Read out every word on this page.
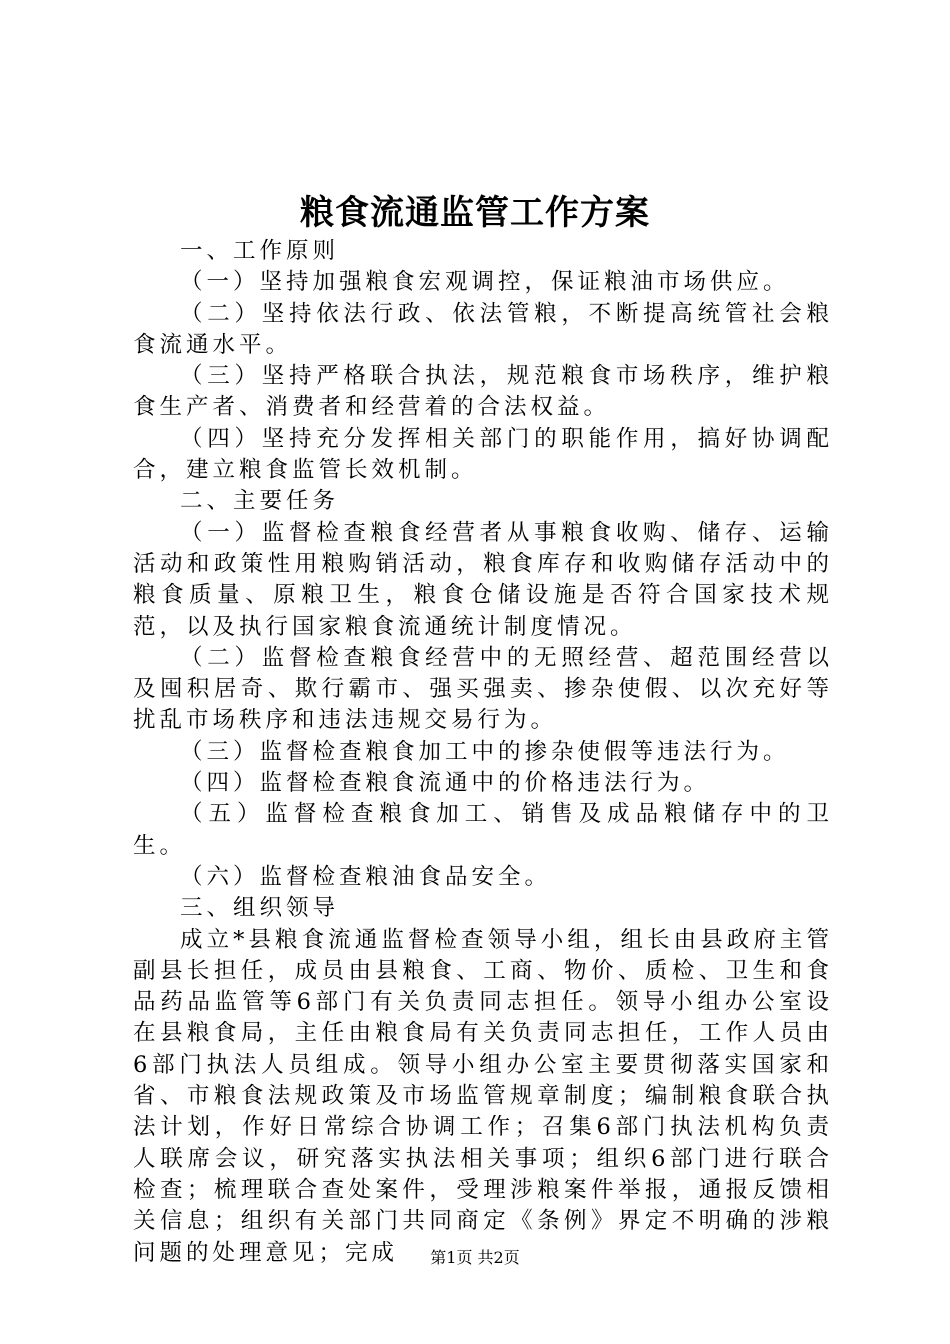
粮食流通监管工作方案

一、工作原则

（一）坚持加强粮食宏观调控，保证粮油市场供应。

（二）坚持依法行政、依法管粮，不断提高统管社会粮食流通水平。

（三）坚持严格联合执法，规范粮食市场秩序，维护粮食生产者、消费者和经营着的合法权益。

（四）坚持充分发挥相关部门的职能作用，搞好协调配合，建立粮食监管长效机制。

二、主要任务

（一）监督检查粮食经营者从事粮食收购、储存、运输活动和政策性用粮购销活动，粮食库存和收购储存活动中的粮食质量、原粮卫生，粮食仓储设施是否符合国家技术规范，以及执行国家粮食流通统计制度情况。

（二）监督检查粮食经营中的无照经营、超范围经营以及囤积居奇、欺行霸市、强买强卖、掺杂使假、以次充好等扰乱市场秩序和违法违规交易行为。

（三）监督检查粮食加工中的掺杂使假等违法行为。

（四）监督检查粮食流通中的价格违法行为。

（五）监督检查粮食加工、销售及成品粮储存中的卫生。

（六）监督检查粮油食品安全。

三、组织领导

成立*县粮食流通监督检查领导小组，组长由县政府主管副县长担任，成员由县粮食、工商、物价、质检、卫生和食品药品监管等6部门有关负责同志担任。领导小组办公室设在县粮食局，主任由粮食局有关负责同志担任，工作人员由6部门执法人员组成。领导小组办公室主要贯彻落实国家和省、市粮食法规政策及市场监管规章制度；编制粮食联合执法计划，作好日常综合协调工作；召集6部门执法机构负责人联席会议，研究落实执法相关事项；组织6部门进行联合检查；梳理联合查处案件，受理涉粮案件举报，通报反馈相关信息；组织有关部门共同商定《条例》界定不明确的涉粮问题的处理意见；完成	第1页 共2页
